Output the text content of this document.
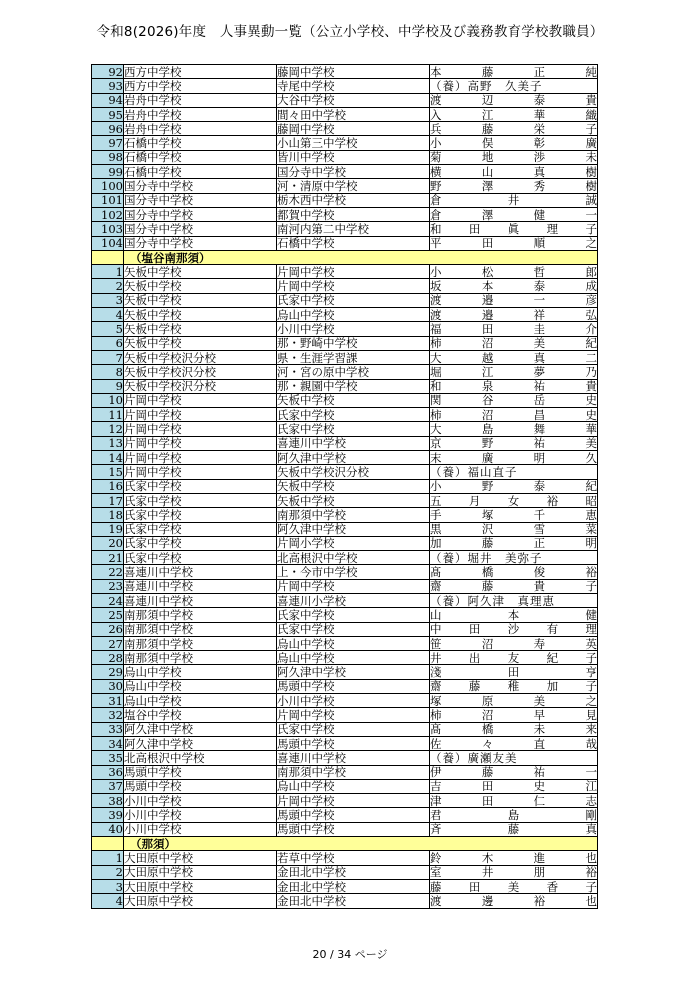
令和8(2026)年度　人事異動一覧（公立小学校、中学校及び義務教育学校教職員）
92	西方中学校	藤岡中学校	本 藤 正 純

93	西方中学校	寺尾中学校	（養）高野　久美子

94	岩舟中学校	大谷中学校	渡 辺 泰 貴

95	岩舟中学校	間々田中学校	入 江 華 織

96	岩舟中学校	藤岡中学校	兵 藤 栄 子

97	石橋中学校	小山第三中学校	小 俣 彰 廣

98	石橋中学校	皆川中学校	菊 地 渉 未

99	石橋中学校	国分寺中学校	横 山 真 樹

100	国分寺中学校	河・清原中学校	野 澤 秀 樹

101	国分寺中学校	栃木西中学校	倉 井 誠

102	国分寺中学校	都賀中学校	倉 澤 健 一

103	国分寺中学校	南河内第二中学校	和 田 眞 理 子

104	国分寺中学校	石橋中学校	平 田 順 之

	（塩谷南那須）		
1	矢板中学校	片岡中学校	小 松 哲 郎

2	矢板中学校	片岡中学校	坂 本 泰 成

3	矢板中学校	氏家中学校	渡 邉 一 彦

4	矢板中学校	烏山中学校	渡 邉 祥 弘

5	矢板中学校	小川中学校	福 田 圭 介

6	矢板中学校	那・野崎中学校	柿 沼 美 紀

7	矢板中学校沢分校	県・生涯学習課	大 越 真 二

8	矢板中学校沢分校	河・宮の原中学校	堀 江 夢 乃

9	矢板中学校沢分校	那・親園中学校	和 泉 祐 貴

10	片岡中学校	矢板中学校	関 谷 岳 史

11	片岡中学校	氏家中学校	柿 沼 昌 史

12	片岡中学校	氏家中学校	大 島 舞 華

13	片岡中学校	喜連川中学校	京 野 祐 美

14	片岡中学校	阿久津中学校	末 廣 明 久

15	片岡中学校	矢板中学校沢分校	（養）福山直子

16	氏家中学校	矢板中学校	小 野 泰 紀

17	氏家中学校	矢板中学校	五 月 女 裕 昭

18	氏家中学校	南那須中学校	手 塚 千 恵

19	氏家中学校	阿久津中学校	黒 沢 雪 菜

20	氏家中学校	片岡小学校	加 藤 正 明

21	氏家中学校	北高根沢中学校	（養）堀井　美弥子

22	喜連川中学校	上・今市中学校	髙 橋 俊 裕

23	喜連川中学校	片岡中学校	齋 藤 貴 子

24	喜連川中学校	喜連川小学校	（養）阿久津　真理恵

25	南那須中学校	氏家中学校	山 本 健

26	南那須中学校	氏家中学校	中 田 沙 有 理

27	南那須中学校	烏山中学校	笹 沼 寿 英

28	南那須中学校	烏山中学校	井 出 友 紀 子

29	烏山中学校	阿久津中学校	淺 田 亨

30	烏山中学校	馬頭中学校	齋 藤 稚 加 子

31	烏山中学校	小川中学校	塚 原 美 之

32	塩谷中学校	片岡中学校	柿 沼 早 見

33	阿久津中学校	氏家中学校	髙 橋 未 来

34	阿久津中学校	馬頭中学校	佐 々 直 哉

35	北高根沢中学校	喜連川中学校	（養）廣瀬友美

36	馬頭中学校	南那須中学校	伊 藤 祐 一

37	馬頭中学校	烏山中学校	吉 田 史 江

38	小川中学校	片岡中学校	津 田 仁 志

39	小川中学校	馬頭中学校	君 島 剛

40	小川中学校	馬頭中学校	斉 藤 真

	（那須）		
1	大田原中学校	若草中学校	鈴 木 進 也

2	大田原中学校	金田北中学校	室 井 朋 裕

3	大田原中学校	金田北中学校	藤 田 美 香 子

4	大田原中学校	金田北中学校	渡 邊 裕 也
20 / 34 ページ
